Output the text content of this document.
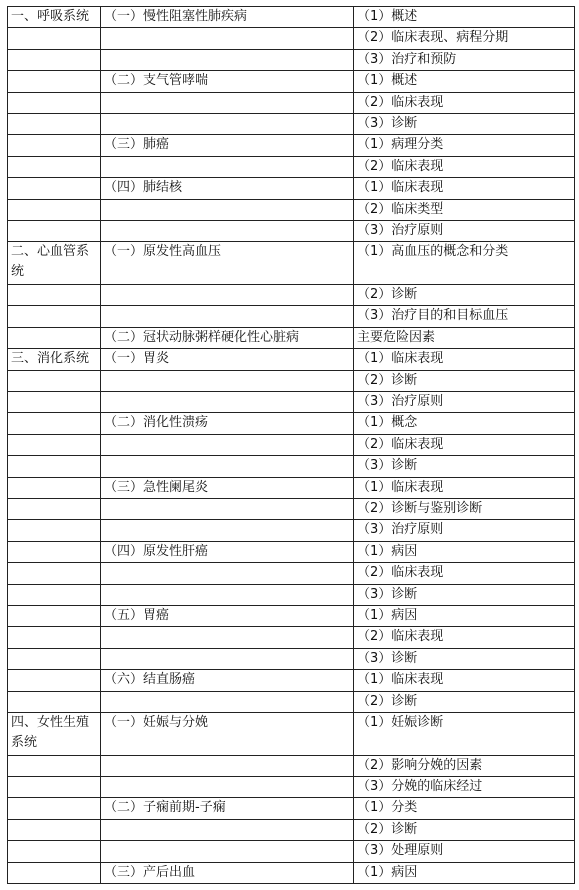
一、呼吸系统	（一）慢性阻塞性肺疾病	（1）概述
		（2）临床表现、病程分期
		（3）治疗和预防
	（二）支气管哮喘	（1）概述
		（2）临床表现
		（3）诊断
	（三）肺癌	（1）病理分类
		（2）临床表现
	（四）肺结核	（1）临床表现
		（2）临床类型
		（3）治疗原则
二、心血管系统	（一）原发性高血压	（1）高血压的概念和分类
		（2）诊断
		（3）治疗目的和目标血压
	（二）冠状动脉粥样硬化性心脏病	主要危险因素
三、消化系统	（一）胃炎	（1）临床表现
		（2）诊断
		（3）治疗原则
	（二）消化性溃疡	（1）概念
		（2）临床表现
		（3）诊断
	（三）急性阑尾炎	（1）临床表现
		（2）诊断与鉴别诊断
		（3）治疗原则
	（四）原发性肝癌	（1）病因
		（2）临床表现
		（3）诊断
	（五）胃癌	（1）病因
		（2）临床表现
		（3）诊断
	（六）结直肠癌	（1）临床表现
		（2）诊断
四、女性生殖系统	（一）妊娠与分娩	（1）妊娠诊断
		（2）影响分娩的因素
		（3）分娩的临床经过
	（二）子痫前期-子痫	（1）分类
		（2）诊断
		（3）处理原则
	（三）产后出血	（1）病因
